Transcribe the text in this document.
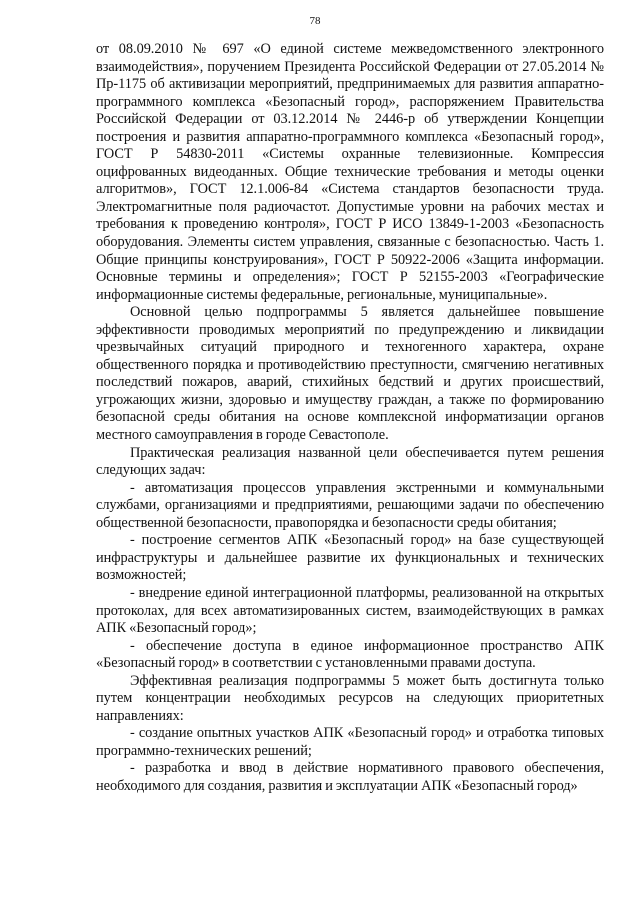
78

от 08.09.2010 № 697 «О единой системе межведомственного электронного взаимодействия», поручением Президента Российской Федерации от 27.05.2014 № Пр-1175 об активизации мероприятий, предпринимаемых для развития аппаратно-программного комплекса «Безопасный город», распоряжением Правительства Российской Федерации от 03.12.2014 № 2446-р об утверждении Концепции построения и развития аппаратно-программного комплекса «Безопасный город», ГОСТ Р 54830-2011 «Системы охранные телевизионные. Компрессия оцифрованных видеоданных. Общие технические требования и методы оценки алгоритмов», ГОСТ 12.1.006-84 «Система стандартов безопасности труда. Электромагнитные поля радиочастот. Допустимые уровни на рабочих местах и требования к проведению контроля», ГОСТ Р ИСО 13849-1-2003 «Безопасность оборудования. Элементы систем управления, связанные с безопасностью. Часть 1. Общие принципы конструирования», ГОСТ Р 50922-2006 «Защита информации. Основные термины и определения»; ГОСТ Р 52155-2003 «Географические информационные системы федеральные, региональные, муниципальные».

Основной целью подпрограммы 5 является дальнейшее повышение эффективности проводимых мероприятий по предупреждению и ликвидации чрезвычайных ситуаций природного и техногенного характера, охране общественного порядка и противодействию преступности, смягчению негативных последствий пожаров, аварий, стихийных бедствий и других происшествий, угрожающих жизни, здоровью и имуществу граждан, а также по формированию безопасной среды обитания на основе комплексной информатизации органов местного самоуправления в городе Севастополе.

Практическая реализация названной цели обеспечивается путем решения следующих задач:

- автоматизация процессов управления экстренными и коммунальными службами, организациями и предприятиями, решающими задачи по обеспечению общественной безопасности, правопорядка и безопасности среды обитания;

- построение сегментов АПК «Безопасный город» на базе существующей инфраструктуры и дальнейшее развитие их функциональных и технических возможностей;

- внедрение единой интеграционной платформы, реализованной на открытых протоколах, для всех автоматизированных систем, взаимодействующих в рамках АПК «Безопасный город»;

- обеспечение доступа в единое информационное пространство АПК «Безопасный город» в соответствии с установленными правами доступа.

Эффективная реализация подпрограммы 5 может быть достигнута только путем концентрации необходимых ресурсов на следующих приоритетных направлениях:

- создание опытных участков АПК «Безопасный город» и отработка типовых программно-технических решений;

- разработка и ввод в действие нормативного правового обеспечения, необходимого для создания, развития и эксплуатации АПК «Безопасный город»
